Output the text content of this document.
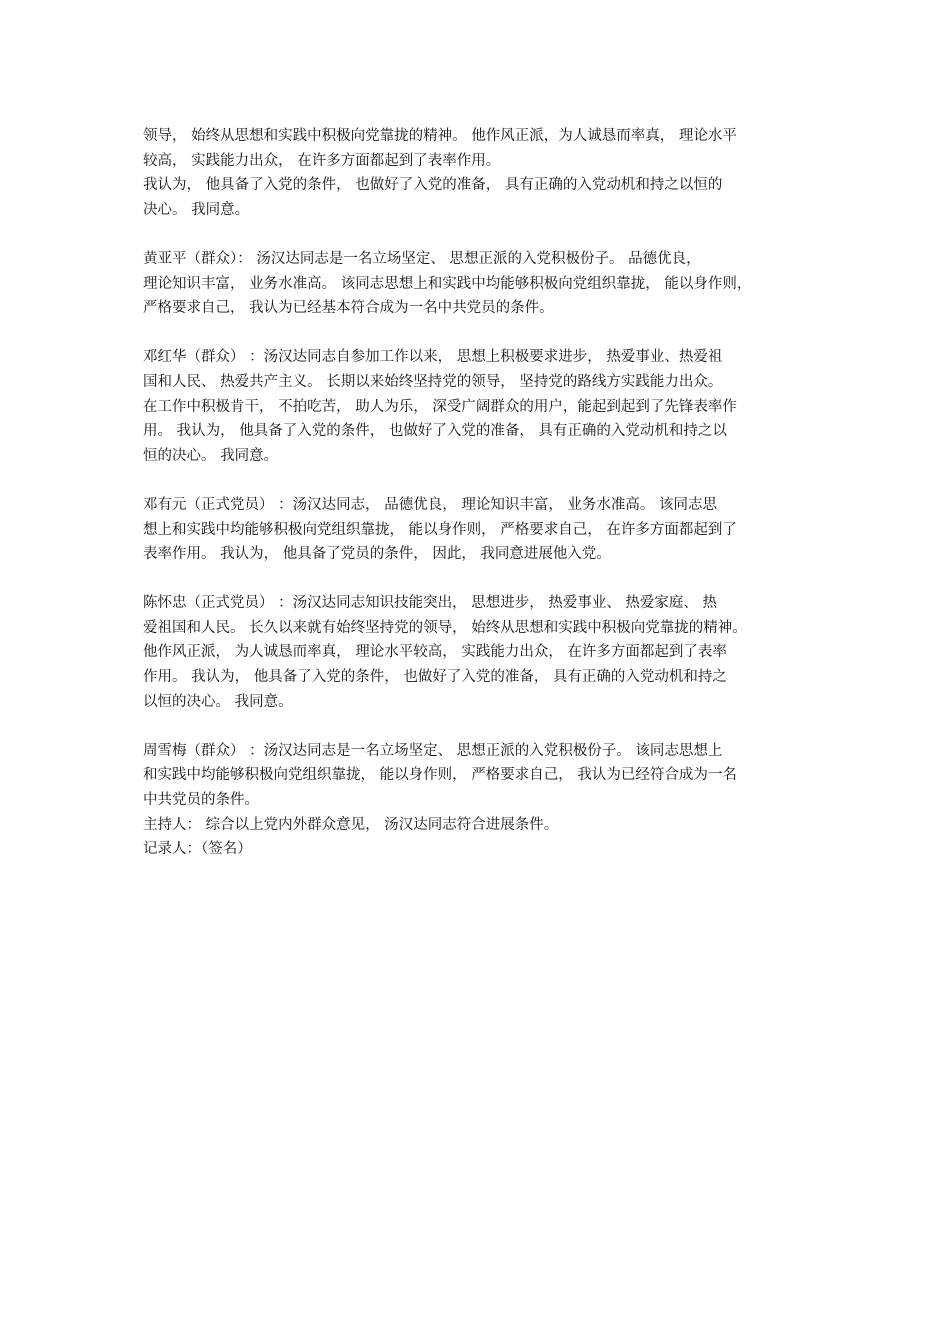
领导， 始终从思想和实践中积极向党靠拢的精神。 他作风正派，为人诚恳而率真， 理论水平
较高， 实践能力出众， 在许多方面都起到了表率作用。
我认为， 他具备了入党的条件， 也做好了入党的准备， 具有正确的入党动机和持之以恒的
决心。 我同意。

黄亚平（群众）： 汤汉达同志是一名立场坚定、 思想正派的入党积极份子。 品德优良，
理论知识丰富， 业务水准高。 该同志思想上和实践中均能够积极向党组织靠拢， 能以身作则，
严格要求自己， 我认为已经基本符合成为一名中共党员的条件。

邓红华（群众） ：汤汉达同志自参加工作以来， 思想上积极要求进步， 热爱事业、热爱祖
国和人民、 热爱共产主义。 长期以来始终坚持党的领导， 坚持党的路线方实践能力出众。
在工作中积极肯干， 不拍吃苦， 助人为乐， 深受广阔群众的用户，能起到起到了先锋表率作
用。 我认为， 他具备了入党的条件， 也做好了入党的准备， 具有正确的入党动机和持之以
恒的决心。 我同意。

邓有元（正式党员） ：汤汉达同志， 品德优良， 理论知识丰富， 业务水准高。 该同志思
想上和实践中均能够积极向党组织靠拢， 能以身作则， 严格要求自己， 在许多方面都起到了
表率作用。 我认为， 他具备了党员的条件， 因此， 我同意进展他入党。

陈怀忠（正式党员） ：汤汉达同志知识技能突出， 思想进步， 热爱事业、 热爱家庭、 热
爱祖国和人民。 长久以来就有始终坚持党的领导， 始终从思想和实践中积极向党靠拢的精神。
他作风正派， 为人诚恳而率真， 理论水平较高， 实践能力出众， 在许多方面都起到了表率
作用。 我认为， 他具备了入党的条件， 也做好了入党的准备， 具有正确的入党动机和持之
以恒的决心。 我同意。

周雪梅（群众） ：汤汉达同志是一名立场坚定、 思想正派的入党积极份子。 该同志思想上
和实践中均能够积极向党组织靠拢， 能以身作则， 严格要求自己， 我认为已经符合成为一名
中共党员的条件。
主持人： 综合以上党内外群众意见， 汤汉达同志符合进展条件。
记录人：（签名）
